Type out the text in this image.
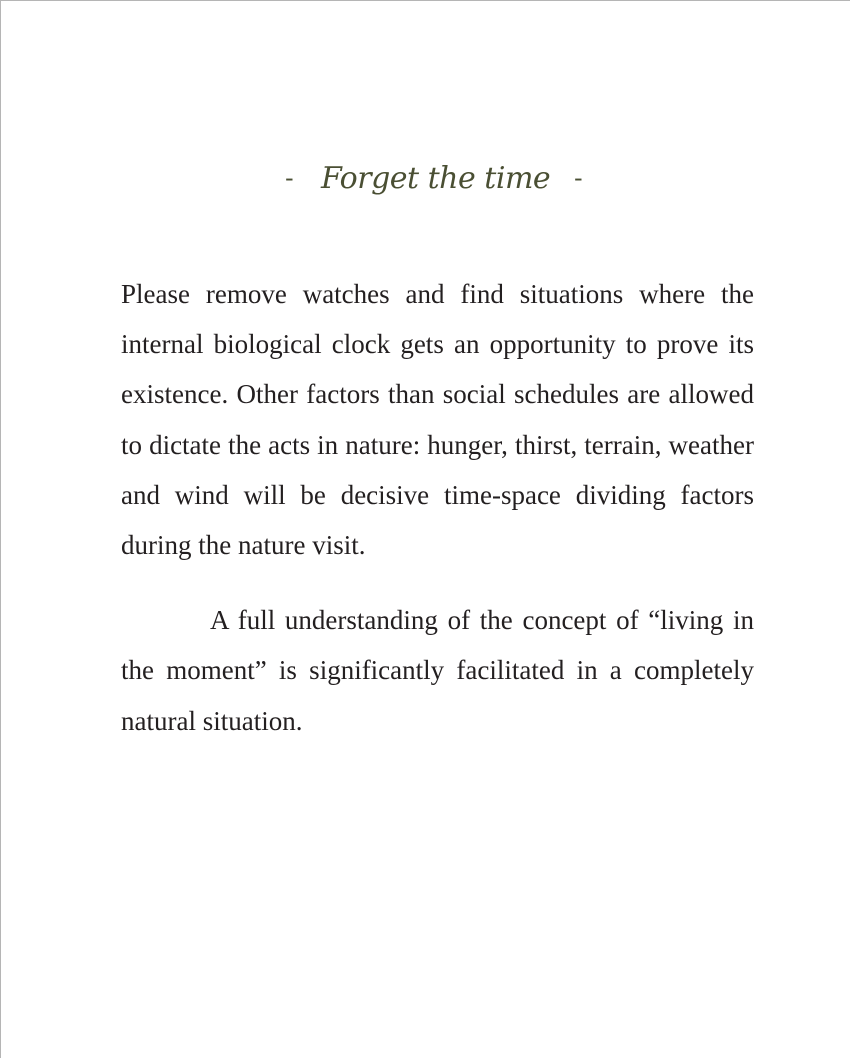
- Forget the time -

Please remove watches and find situations where the internal biological clock gets an opportunity to prove its existence. Other factors than social schedules are allowed to dictate the acts in nature: hunger, thirst, terrain, weather and wind will be decisive time-space dividing factors during the nature visit.

A full understanding of the concept of “living in the moment” is significantly facilitated in a completely natural situation.
